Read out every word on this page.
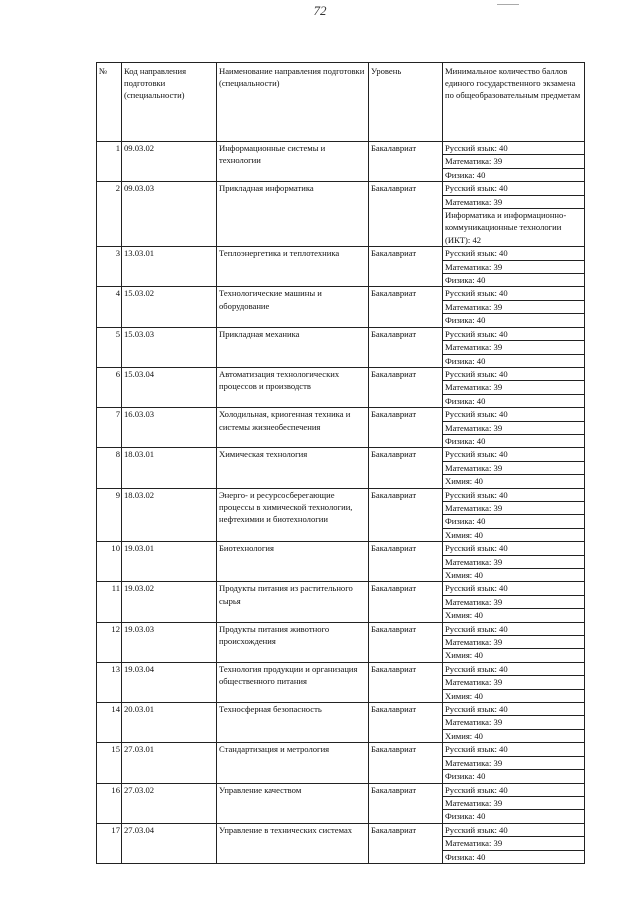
72
№	Код направления подготовки (специальности)	Наименование направления подготовки (специальности)	Уровень	Минимальное количество баллов единого государственного экзамена по общеобразовательным предметам
1	09.03.02	Информационные системы и технологии	Бакалавриат	Русский язык: 40
				Математика: 39
				Физика: 40
2	09.03.03	Прикладная информатика	Бакалавриат	Русский язык: 40
				Математика: 39
				Информатика и информационно-коммуникационные технологии (ИКТ): 42
3	13.03.01	Теплоэнергетика и теплотехника	Бакалавриат	Русский язык: 40
				Математика: 39
				Физика: 40
4	15.03.02	Технологические машины и оборудование	Бакалавриат	Русский язык: 40
				Математика: 39
				Физика: 40
5	15.03.03	Прикладная механика	Бакалавриат	Русский язык: 40
				Математика: 39
				Физика: 40
6	15.03.04	Автоматизация технологических процессов и производств	Бакалавриат	Русский язык: 40
				Математика: 39
				Физика: 40
7	16.03.03	Холодильная, криогенная техника и системы жизнеобеспечения	Бакалавриат	Русский язык: 40
				Математика: 39
				Физика: 40
8	18.03.01	Химическая технология	Бакалавриат	Русский язык: 40
				Математика: 39
				Химия: 40
9	18.03.02	Энерго- и ресурсосберегающие процессы в химической технологии, нефтехимии и биотехнологии	Бакалавриат	Русский язык: 40
				Математика: 39
				Физика: 40
				Химия: 40
10	19.03.01	Биотехнология	Бакалавриат	Русский язык: 40
				Математика: 39
				Химия: 40
11	19.03.02	Продукты питания из растительного сырья	Бакалавриат	Русский язык: 40
				Математика: 39
				Химия: 40
12	19.03.03	Продукты питания животного происхождения	Бакалавриат	Русский язык: 40
				Математика: 39
				Химия: 40
13	19.03.04	Технология продукции и организация общественного питания	Бакалавриат	Русский язык: 40
				Математика: 39
				Химия: 40
14	20.03.01	Техносферная безопасность	Бакалавриат	Русский язык: 40
				Математика: 39
				Химия: 40
15	27.03.01	Стандартизация и метрология	Бакалавриат	Русский язык: 40
				Математика: 39
				Физика: 40
16	27.03.02	Управление качеством	Бакалавриат	Русский язык: 40
				Математика: 39
				Физика: 40
17	27.03.04	Управление в технических системах	Бакалавриат	Русский язык: 40
				Математика: 39
				Физика: 40
